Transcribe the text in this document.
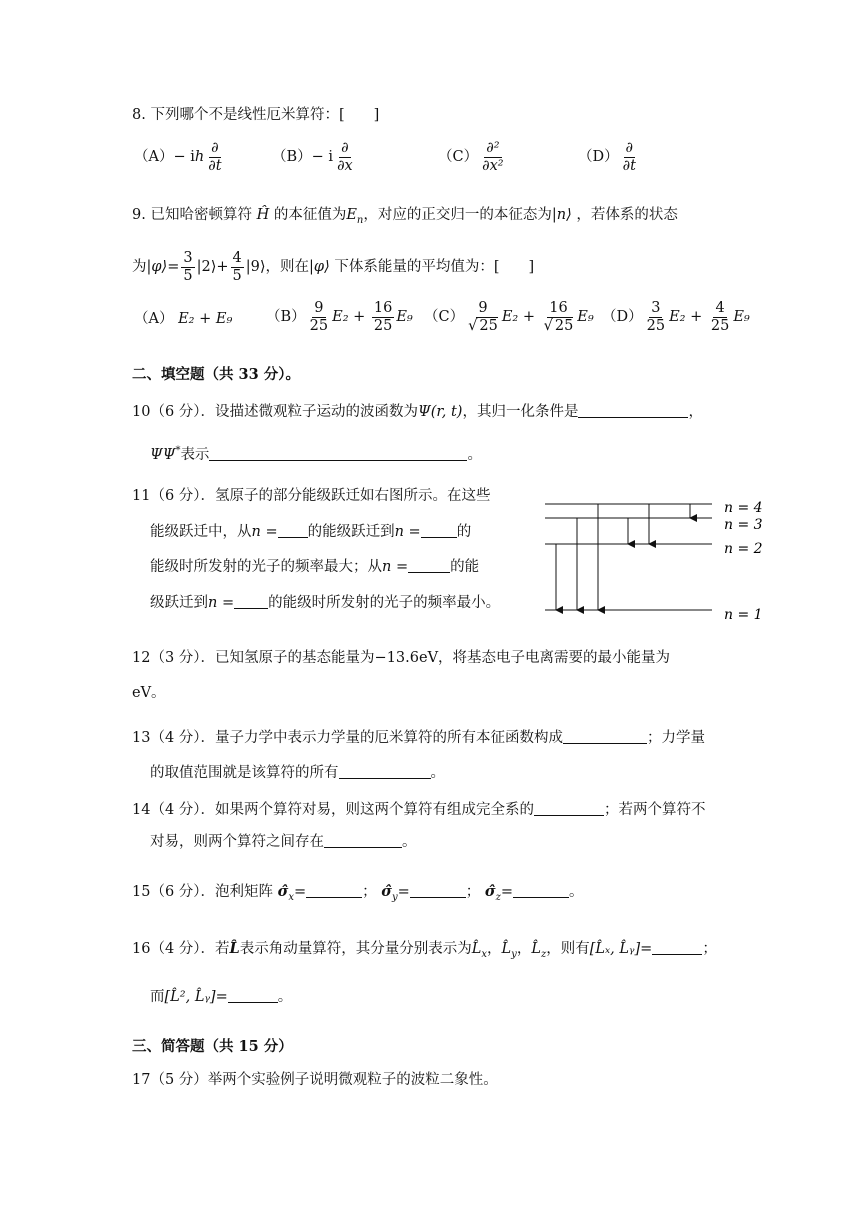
8. 下列哪个不是线性厄米算符：[　　]
（A）− ih $\frac{\partial}{\partial t}$	（B）− i $\frac{\partial}{\partial x}$	$(C) \frac{\text{∂²}}{\text{∂x²}}$	$(D) \frac{\partial}{\partial t}$
9. 已知哈密顿算符 Ĥ 的本征值为$E_n$，对应的正交归一的本征态为|n⟩ ，若体系的状态
为|φ⟩= $\frac{3}{5}$ |2⟩+ $\frac{4}{5}$ |9⟩，则在|φ⟩ 下体系能量的平均值为：[　　]
（A） E₂ + E₉ $(B) \frac{9}{25} E_2 + \frac{16}{25} E_9$ $(C) \frac{9}{√ 25} E_2 + \frac{16}{√ 25} E_9$ $(D) \frac{3}{25} E_2 + \frac{4}{25} E_9$
二、填空题（共 33 分）。
10（6 分）．设描述微观粒子运动的波函数为Ψ(r, t)，其归一化条件是	，
ΨΨ*表示	。
11（6 分）．氢原子的部分能级跃迁如右图所示。在这些
能级跃迁中，从n = 的能级跃迁到n = 的
能级时所发射的光子的频率最大；从n =	的能
级跃迁到n = 的能级时所发射的光子的频率最小。
n = 4
n = 3
n = 2
n = 1
12（3 分）．已知氢原子的基态能量为−13.6eV，将基态电子电离需要的最小能量为
eV。
13（4 分）．量子力学中表示力学量的厄米算符的所有本征函数构成	；力学量
的取值范围就是该算符的所有	。
14（4 分）．如果两个算符对易，则这两个算符有组成完全系的	；若两个算符不
对易，则两个算符之间存在	。
15（6 分）．泡利矩阵 $\sigmâ_x=$	； $\sigmâ_y=$	； $\sigmâ_z=$	。
16（4 分）．若L̂表示角动量算符，其分量分别表示为$L̂_x$，$L̂_y$，$L̂_z$，则有[L̂ₓ, L̂ᵧ]=	；
而[L̂², L̂ᵧ]=	。
三、简答题（共 15 分）
17（5 分）举两个实验例子说明微观粒子的波粒二象性。
